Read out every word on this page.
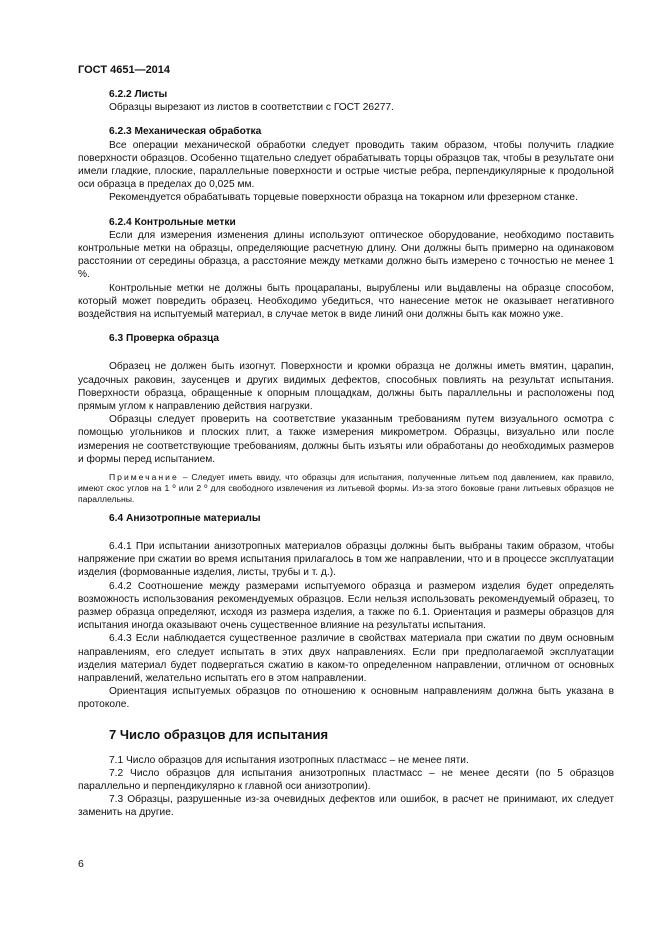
ГОСТ 4651—2014

6.2.2 Листы

Образцы вырезают из листов в соответствии с ГОСТ 26277.

6.2.3 Механическая обработка

Все операции механической обработки следует проводить таким образом, чтобы получить гладкие поверхности образцов. Особенно тщательно следует обрабатывать торцы образцов так, чтобы в результате они имели гладкие, плоские, параллельные поверхности и острые чистые ребра, перпендикулярные к продольной оси образца в пределах до 0,025 мм.

Рекомендуется обрабатывать торцевые поверхности образца на токарном или фрезерном станке.

6.2.4 Контрольные метки

Если для измерения изменения длины используют оптическое оборудование, необходимо поставить контрольные метки на образцы, определяющие расчетную длину. Они должны быть примерно на одинаковом расстоянии от середины образца, а расстояние между метками должно быть измерено с точностью не менее 1 %.

Контрольные метки не должны быть процарапаны, вырублены или выдавлены на образце способом, который может повредить образец. Необходимо убедиться, что нанесение меток не оказывает негативного воздействия на испытуемый материал, в случае меток в виде линий они должны быть как можно уже.

6.3 Проверка образца

Образец не должен быть изогнут. Поверхности и кромки образца не должны иметь вмятин, царапин, усадочных раковин, заусенцев и других видимых дефектов, способных повлиять на результат испытания. Поверхности образца, обращенные к опорным площадкам, должны быть параллельны и расположены под прямым углом к направлению действия нагрузки.

Образцы следует проверить на соответствие указанным требованиям путем визуального осмотра с помощью угольников и плоских плит, а также измерения микрометром. Образцы, визуально или после измерения не соответствующие требованиям, должны быть изъяты или обработаны до необходимых размеров и формы перед испытанием.

Примечание – Следует иметь ввиду, что образцы для испытания, полученные литьем под давлением, как правило, имеют скос углов на 1 º или 2 º для свободного извлечения из литьевой формы. Из-за этого боковые грани литьевых образцов не параллельны.

6.4 Анизотропные материалы

6.4.1 При испытании анизотропных материалов образцы должны быть выбраны таким образом, чтобы напряжение при сжатии во время испытания прилагалось в том же направлении, что и в процессе эксплуатации изделия (формованные изделия, листы, трубы и т. д.).

6.4.2 Соотношение между размерами испытуемого образца и размером изделия будет определять возможность использования рекомендуемых образцов. Если нельзя использовать рекомендуемый образец, то размер образца определяют, исходя из размера изделия, а также по 6.1. Ориентация и размеры образцов для испытания иногда оказывают очень существенное влияние на результаты испытания.

6.4.3 Если наблюдается существенное различие в свойствах материала при сжатии по двум основным направлениям, его следует испытать в этих двух направлениях. Если при предполагаемой эксплуатации изделия материал будет подвергаться сжатию в каком-то определенном направлении, отличном от основных направлений, желательно испытать его в этом направлении.

Ориентация испытуемых образцов по отношению к основным направлениям должна быть указана в протоколе.

7 Число образцов для испытания

7.1 Число образцов для испытания изотропных пластмасс – не менее пяти.

7.2 Число образцов для испытания анизотропных пластмасс – не менее десяти (по 5 образцов параллельно и перпендикулярно к главной оси анизотропии).

7.3 Образцы, разрушенные из-за очевидных дефектов или ошибок, в расчет не принимают, их следует заменить на другие.

6
